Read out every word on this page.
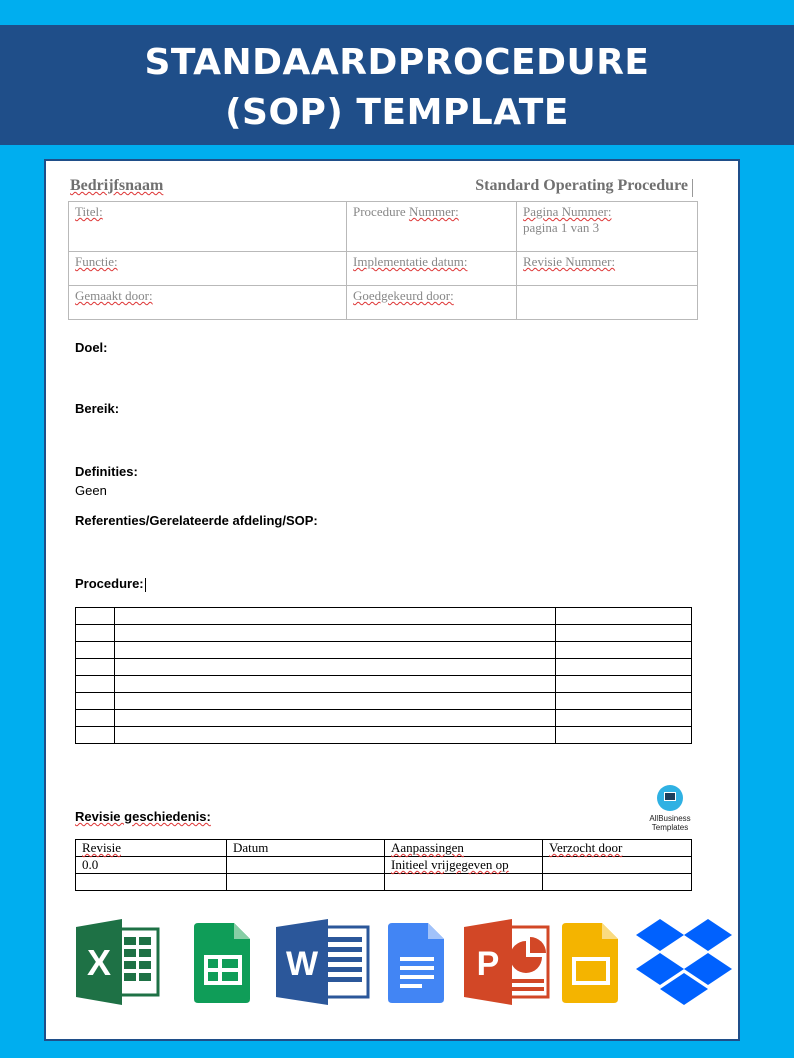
STANDAARDPROCEDURE
(SOP) TEMPLATE
Bedrijfsnaam	Standard Operating Procedure
Titel:	Procedure Nummer:	Pagina Nummer:
pagina 1 van 3

Functie:	Implementatie datum:	Revisie Nummer:
Gemaakt door:	Goedgekeurd door:	
Doel:
Bereik:
Definities:
Geen
Referenties/Gerelateerde afdeling/SOP:
Procedure:

AllBusiness
Templates
Revisie geschiedenis:
Revisie	Datum	Aanpassingen	Verzocht door
0.0		Initieel vrijgegeven op	

X	W	P
